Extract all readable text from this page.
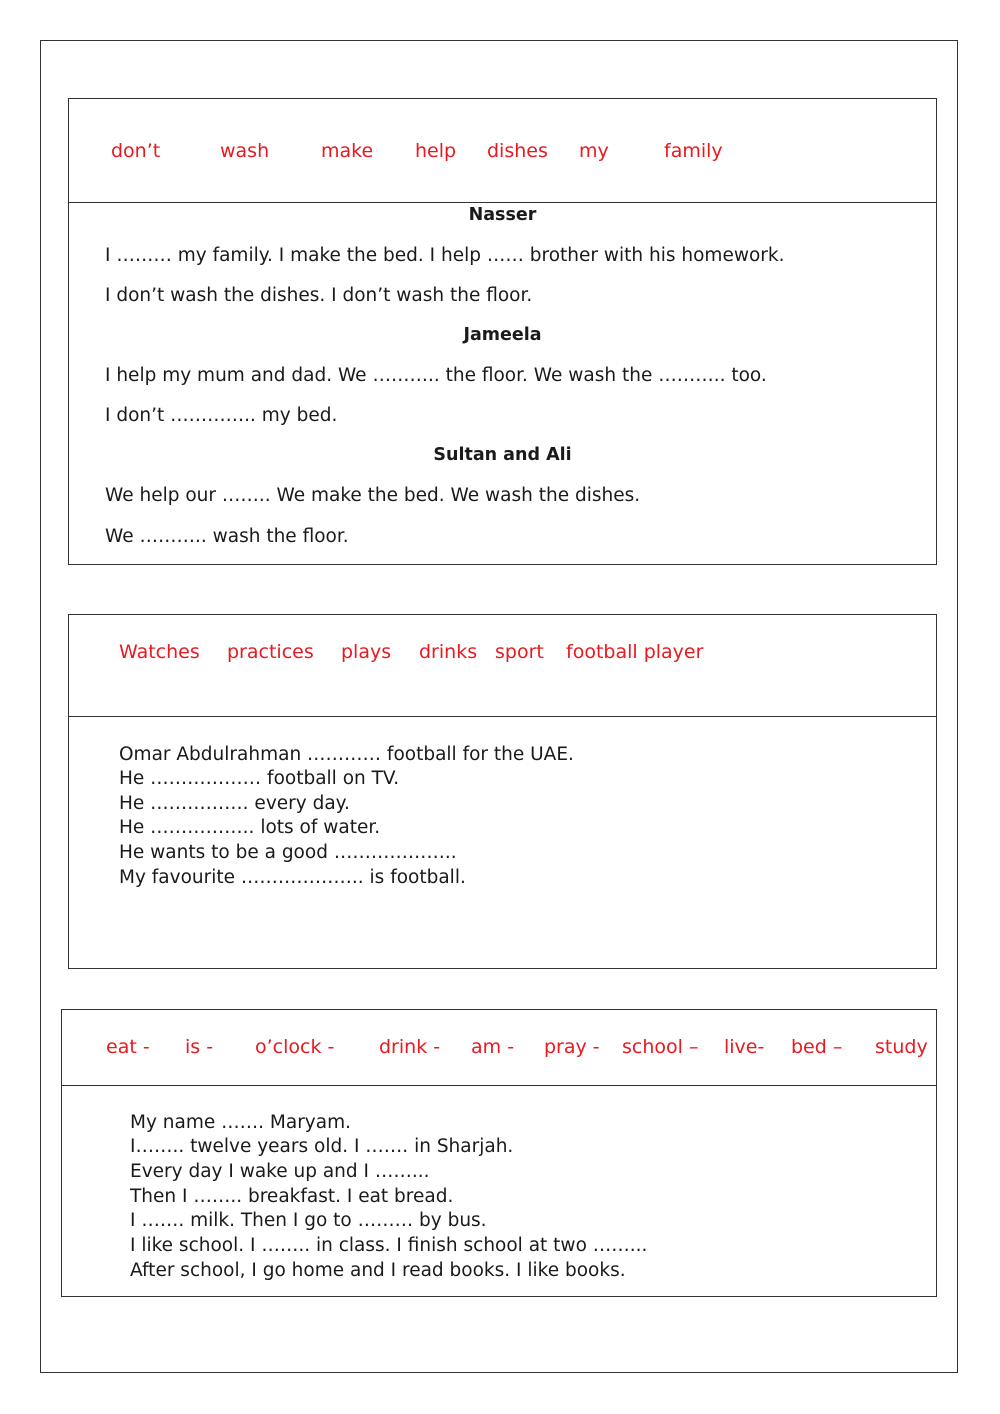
don’t	wash	make help dishes my	family
Nasser
I ……… my family. I make the bed. I help …… brother with his homework.
I don’t wash the dishes. I don’t wash the floor.
Jameela
I help my mum and dad. We ……….. the floor. We wash the ……….. too.
I don’t ………….. my bed.
Sultan and Ali
We help our …….. We make the bed. We wash the dishes.
We ……….. wash the floor.
Watches practices plays drinks sport football player
Omar Abdulrahman ………… football for the UAE.
He ……………… football on TV.
He ……………. every day.
He …………….. lots of water.
He wants to be a good ………………..
My favourite ……………….. is football.
eat - is - o’clock - drink - am - pray - school – live- bed – study
My name ……. Maryam.
I…….. twelve years old. I ……. in Sharjah.
Every day I wake up and I ……...
Then I …….. breakfast. I eat bread.
I ……. milk. Then I go to ……… by bus.
I like school. I …….. in class. I finish school at two ……...
After school, I go home and I read books. I like books.
